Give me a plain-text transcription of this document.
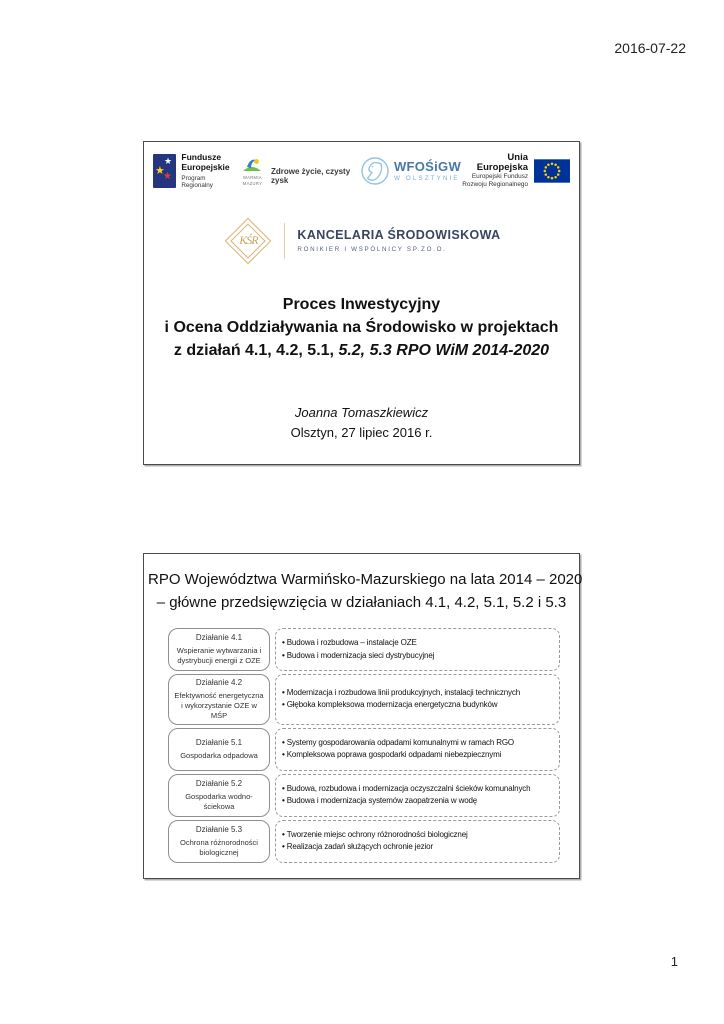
2016-07-22
★
★
★
Fundusze
Europejskie
Program Regionalny
WARMIA MAZURY
Zdrowe życie, czysty zysk
WFOŚiGW
W OLSZTYNIE
Unia Europejska
Europejski Fundusz
Rozwoju Regionalnego
KŚR	KANCELARIA ŚRODOWISKOWA
RONIKIER I WSPÓLNICY SP.ZO.O.
Proces Inwestycyjny
i Ocena Oddziaływania na Środowisko w projektach
z działań 4.1, 4.2, 5.1, 5.2, 5.3 RPO WiM 2014-2020
Joanna Tomaszkiewicz
Olsztyn, 27 lipiec 2016 r.
RPO Województwa Warmińsko-Mazurskiego na lata 2014 – 2020
– główne przedsięwzięcia w działaniach 4.1, 4.2, 5.1, 5.2 i 5.3
Działanie 4.1
Wspieranie wytwarzania i dystrybucji energii z OZE
• Budowa i rozbudowa – instalacje OZE
• Budowa i modernizacja sieci dystrybucyjnej
Działanie 4.2
Efektywność energetyczna i wykorzystanie OZE w MŚP
• Modernizacja i rozbudowa linii produkcyjnych, instalacji technicznych
• Głęboka kompleksowa modernizacja energetyczna budynków
Działanie 5.1
Gospodarka odpadowa
• Systemy gospodarowania odpadami komunalnymi w ramach RGO
• Kompleksowa poprawa gospodarki odpadami niebezpiecznymi
Działanie 5.2
Gospodarka wodno-ściekowa
• Budowa, rozbudowa i modernizacja oczyszczalni ścieków komunalnych
• Budowa i modernizacja systemów zaopatrzenia w wodę
Działanie 5.3
Ochrona różnorodności biologicznej
• Tworzenie miejsc ochrony różnorodności biologicznej
• Realizacja zadań służących ochronie jezior
1
